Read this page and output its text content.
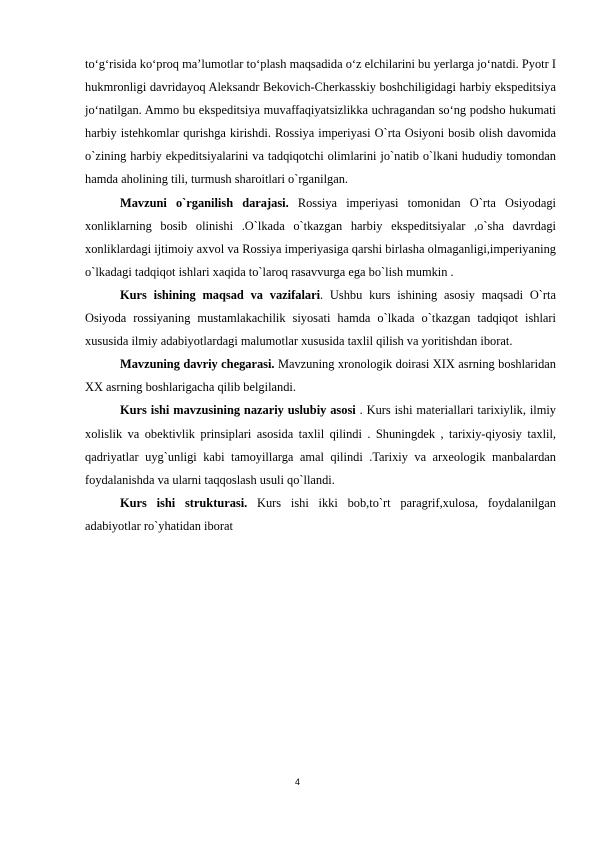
to‘g‘risida ko‘proq ma’lumotlar to‘plash maqsadida o‘z elchilarini bu yerlarga jo‘natdi. Pyotr I hukmronligi davridayoq Aleksandr Bekovich-Cherkasskiy boshchiligidagi harbiy ekspeditsiya jo‘natilgan. Ammo bu ekspeditsiya muvaffaqiyatsizlikka uchragandan so‘ng podsho hukumati harbiy istehkomlar qurishga kirishdi. Rossiya imperiyasi O`rta Osiyoni bosib olish davomida o`zining harbiy ekpeditsiyalarini va tadqiqotchi olimlarini jo`natib o`lkani hududiy tomondan hamda aholining tili, turmush sharoitlari o`rganilgan.

Mavzuni o`rganilish darajasi. Rossiya imperiyasi tomonidan O`rta Osiyodagi xonliklarning bosib olinishi .O`lkada o`tkazgan harbiy ekspeditsiyalar ,o`sha davrdagi xonliklardagi ijtimoiy axvol va Rossiya imperiyasiga qarshi birlasha olmaganligi,imperiyaning o`lkadagi tadqiqot ishlari xaqida to`laroq rasavvurga ega bo`lish mumkin .

Kurs ishining maqsad va vazifalari. Ushbu kurs ishining asosiy maqsadi O`rta Osiyoda rossiyaning mustamlakachilik siyosati hamda o`lkada o`tkazgan tadqiqot ishlari xususida ilmiy adabiyotlardagi malumotlar xususida taxlil qilish va yoritishdan iborat.

Mavzuning davriy chegarasi. Mavzuning xronologik doirasi XIX asrning boshlaridan XX asrning boshlarigacha qilib belgilandi.

Kurs ishi mavzusining nazariy uslubiy asosi . Kurs ishi materiallari tarixiylik, ilmiy xolislik va obektivlik prinsiplari asosida taxlil qilindi . Shuningdek , tarixiy-qiyosiy taxlil, qadriyatlar uyg`unligi kabi tamoyillarga amal qilindi .Tarixiy va arxeologik manbalardan foydalanishda va ularni taqqoslash usuli qo`llandi.

Kurs ishi strukturasi. Kurs ishi ikki bob,to`rt paragrif,xulosa, foydalanilgan adabiyotlar ro`yhatidan iborat

4
